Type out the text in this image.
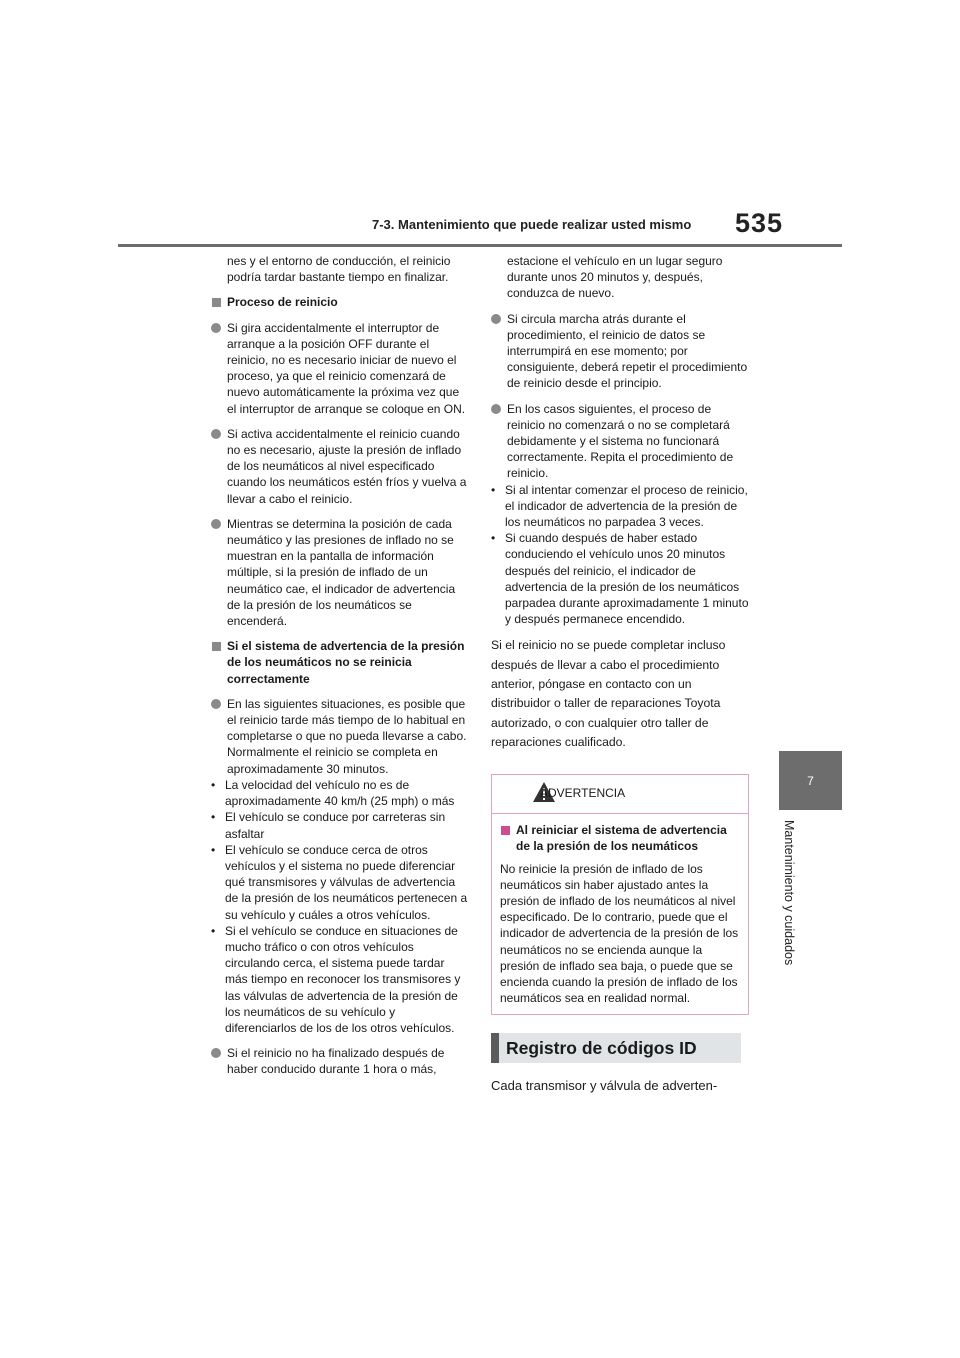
7-3. Mantenimiento que puede realizar usted mismo 535
7
Mantenimiento y cuidados
nes y el entorno de conducción, el reinicio podría tardar bastante tiempo en finalizar.
Proceso de reinicio
Si gira accidentalmente el interruptor de arranque a la posición OFF durante el reinicio, no es necesario iniciar de nuevo el proceso, ya que el reinicio comenzará de nuevo automáticamente la próxima vez que el interruptor de arranque se coloque en ON.
Si activa accidentalmente el reinicio cuando no es necesario, ajuste la presión de inflado de los neumáticos al nivel especificado cuando los neumáticos estén fríos y vuelva a llevar a cabo el reinicio.
Mientras se determina la posición de cada neumático y las presiones de inflado no se muestran en la pantalla de información múltiple, si la presión de inflado de un neumático cae, el indicador de advertencia de la presión de los neumáticos se encenderá.
Si el sistema de advertencia de la presión de los neumáticos no se reinicia correctamente
En las siguientes situaciones, es posible que el reinicio tarde más tiempo de lo habitual en completarse o que no pueda llevarse a cabo. Normalmente el reinicio se completa en aproximadamente 30 minutos.
• La velocidad del vehículo no es de aproximadamente 40 km/h (25 mph) o más
• El vehículo se conduce por carreteras sin asfaltar
• El vehículo se conduce cerca de otros vehículos y el sistema no puede diferenciar qué transmisores y válvulas de advertencia de la presión de los neumáticos pertenecen a su vehículo y cuáles a otros vehículos.
• Si el vehículo se conduce en situaciones de mucho tráfico o con otros vehículos circulando cerca, el sistema puede tardar más tiempo en reconocer los transmisores y las válvulas de advertencia de la presión de los neumáticos de su vehículo y diferenciarlos de los de los otros vehículos.
Si el reinicio no ha finalizado después de haber conducido durante 1 hora o más,
estacione el vehículo en un lugar seguro durante unos 20 minutos y, después, conduzca de nuevo.
Si circula marcha atrás durante el procedimiento, el reinicio de datos se interrumpirá en ese momento; por consiguiente, deberá repetir el procedimiento de reinicio desde el principio.
En los casos siguientes, el proceso de reinicio no comenzará o no se completará debidamente y el sistema no funcionará correctamente. Repita el procedimiento de reinicio.
• Si al intentar comenzar el proceso de reinicio, el indicador de advertencia de la presión de los neumáticos no parpadea 3 veces.
• Si cuando después de haber estado conduciendo el vehículo unos 20 minutos después del reinicio, el indicador de advertencia de la presión de los neumáticos parpadea durante aproximadamente 1 minuto y después permanece encendido.
Si el reinicio no se puede completar incluso después de llevar a cabo el procedimiento anterior, póngase en contacto con un distribuidor o taller de reparaciones Toyota autorizado, o con cualquier otro taller de reparaciones cualificado.
ADVERTENCIA
Al reiniciar el sistema de advertencia de la presión de los neumáticos
No reinicie la presión de inflado de los neumáticos sin haber ajustado antes la presión de inflado de los neumáticos al nivel especificado. De lo contrario, puede que el indicador de advertencia de la presión de los neumáticos no se encienda aunque la presión de inflado sea baja, o puede que se encienda cuando la presión de inflado de los neumáticos sea en realidad normal.
Registro de códigos ID
Cada transmisor y válvula de adverten-
